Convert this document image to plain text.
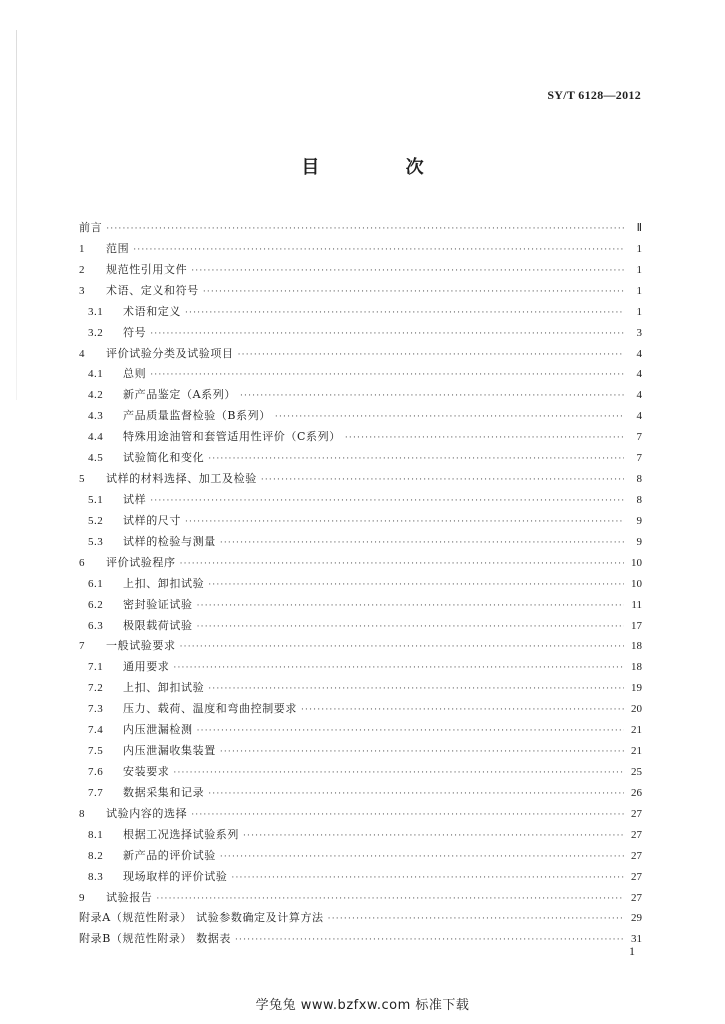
SY/T 6128—2012
目 次
前言 ·····	Ⅱ
1	范围 ·····	1
2	规范性引用文件 ·····	1
3	术语、定义和符号 ·····	1
3.1	术语和定义 ·····	1
3.2	符号 ·····	3
4	评价试验分类及试验项目 ·····	4
4.1	总则 ·····	4
4.2	新产品鉴定（A系列） ·····	4
4.3	产品质量监督检验（B系列） ·····	4
4.4	特殊用途油管和套管适用性评价（C系列） ·····	7
4.5	试验简化和变化 ·····	7
5	试样的材料选择、加工及检验 ·····	8
5.1	试样 ·····	8
5.2	试样的尺寸 ·····	9
5.3	试样的检验与测量 ·····	9
6	评价试验程序 ·····	10
6.1	上扣、卸扣试验 ·····	10
6.2	密封验证试验 ·····	11
6.3	极限载荷试验 ·····	17
7	一般试验要求 ·····	18
7.1	通用要求 ·····	18
7.2	上扣、卸扣试验 ·····	19
7.3	压力、载荷、温度和弯曲控制要求 ·····	20
7.4	内压泄漏检测 ·····	21
7.5	内压泄漏收集装置 ·····	21
7.6	安装要求 ·····	25
7.7	数据采集和记录 ·····	26
8	试验内容的选择 ·····	27
8.1	根据工况选择试验系列 ·····	27
8.2	新产品的评价试验 ·····	27
8.3	现场取样的评价试验 ·····	27
9	试验报告 ·····	27
附录A（规范性附录） 试验参数确定及计算方法 ·····	29
附录B（规范性附录） 数据表 ·····	31
1
学兔兔 www.bzfxw.com 标准下载
